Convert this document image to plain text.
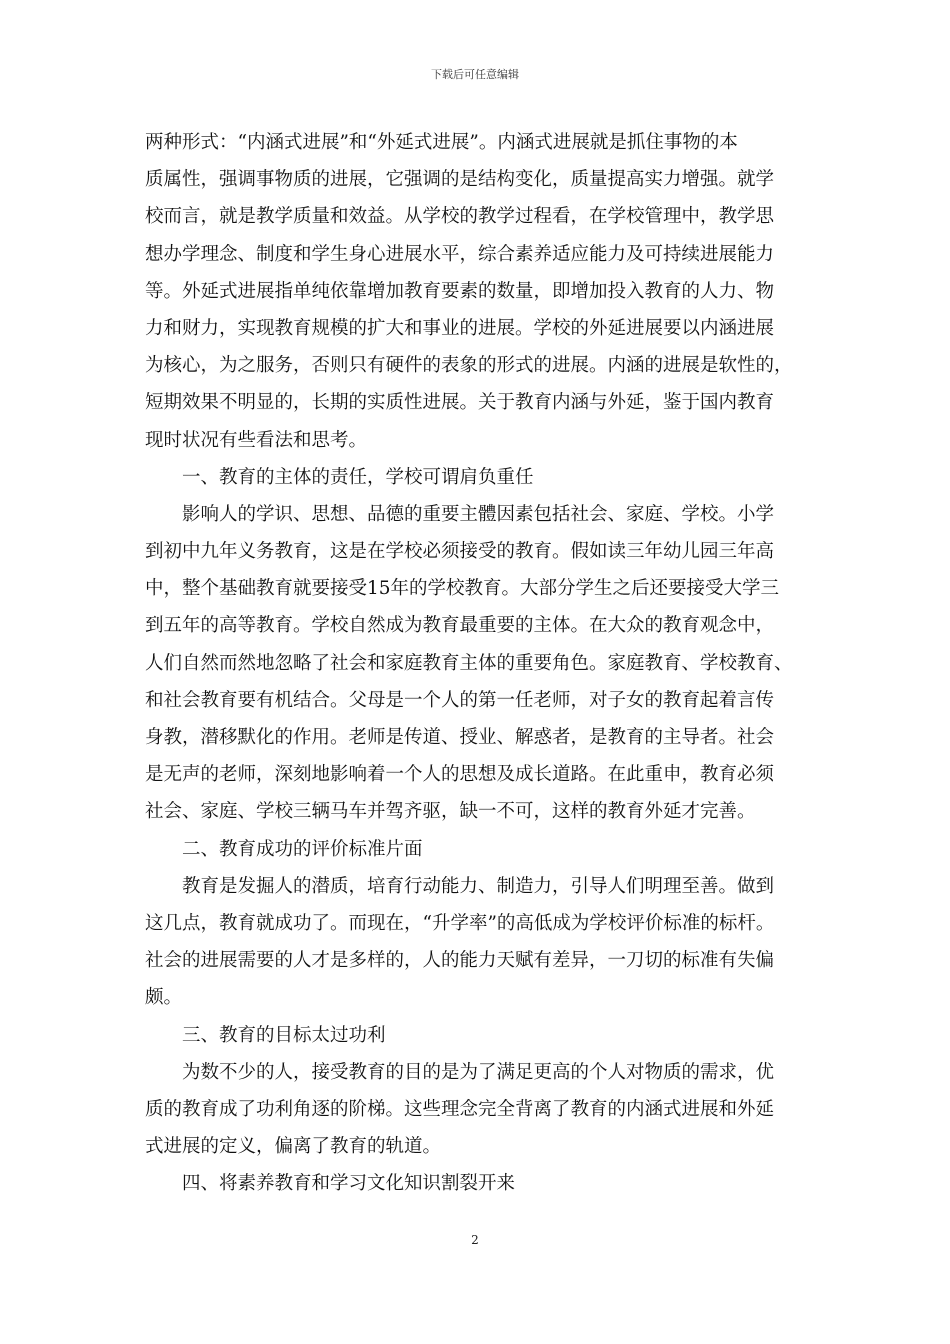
下载后可任意编辑
两种形式：“内涵式进展”和“外延式进展”。内涵式进展就是抓住事物的本
质属性，强调事物质的进展，它强调的是结构变化，质量提高实力增强。就学
校而言，就是教学质量和效益。从学校的教学过程看，在学校管理中，教学思
想办学理念、制度和学生身心进展水平，综合素养适应能力及可持续进展能力
等。外延式进展指单纯依靠增加教育要素的数量，即增加投入教育的人力、物
力和财力，实现教育规模的扩大和事业的进展。学校的外延进展要以内涵进展
为核心，为之服务，否则只有硬件的表象的形式的进展。内涵的进展是软性的，
短期效果不明显的，长期的实质性进展。关于教育内涵与外延，鉴于国内教育
现时状况有些看法和思考。
一、教育的主体的责任，学校可谓肩负重任
影响人的学识、思想、品德的重要主體因素包括社会、家庭、学校。小学
到初中九年义务教育，这是在学校必须接受的教育。假如读三年幼儿园三年高
中，整个基础教育就要接受15年的学校教育。大部分学生之后还要接受大学三
到五年的高等教育。学校自然成为教育最重要的主体。在大众的教育观念中，
人们自然而然地忽略了社会和家庭教育主体的重要角色。家庭教育、学校教育、
和社会教育要有机结合。父母是一个人的第一任老师，对子女的教育起着言传
身教，潜移默化的作用。老师是传道、授业、解惑者，是教育的主导者。社会
是无声的老师，深刻地影响着一个人的思想及成长道路。在此重申，教育必须
社会、家庭、学校三辆马车并驾齐驱，缺一不可，这样的教育外延才完善。
二、教育成功的评价标准片面
教育是发掘人的潜质，培育行动能力、制造力，引导人们明理至善。做到
这几点，教育就成功了。而现在，“升学率”的高低成为学校评价标准的标杆。
社会的进展需要的人才是多样的，人的能力天赋有差异，一刀切的标准有失偏
颇。
三、教育的目标太过功利
为数不少的人，接受教育的目的是为了满足更高的个人对物质的需求，优
质的教育成了功利角逐的阶梯。这些理念完全背离了教育的内涵式进展和外延
式进展的定义，偏离了教育的轨道。
四、将素养教育和学习文化知识割裂开来
2
